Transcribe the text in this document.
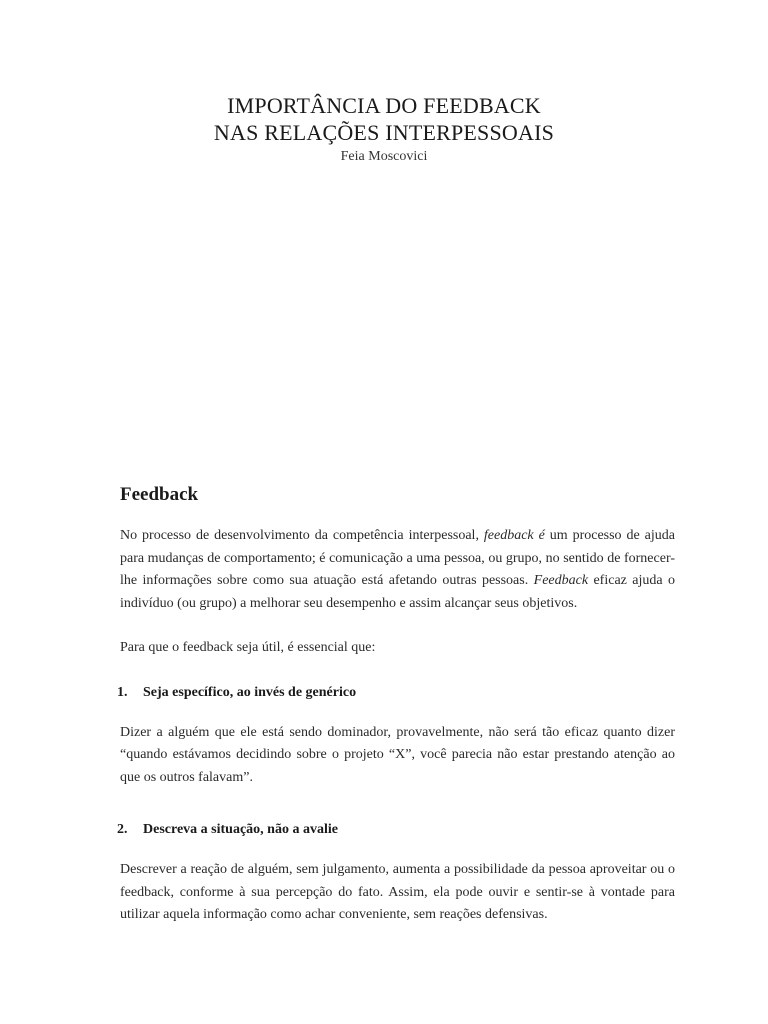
IMPORTÂNCIA DO FEEDBACK
NAS RELAÇÕES INTERPESSOAIS
Feia Moscovici
Feedback

No processo de desenvolvimento da competência interpessoal, feedback é um processo de ajuda para mudanças de comportamento; é comunicação a uma pessoa, ou grupo, no sentido de fornecer-lhe informações sobre como sua atuação está afetando outras pessoas. Feedback eficaz ajuda o indivíduo (ou grupo) a melhorar seu desempenho e assim alcançar seus objetivos.

Para que o feedback seja útil, é essencial que:

1. Seja específico, ao invés de genérico

Dizer a alguém que ele está sendo dominador, provavelmente, não será tão eficaz quanto dizer “quando estávamos decidindo sobre o projeto “X”, você parecia não estar prestando atenção ao que os outros falavam”.

2. Descreva a situação, não a avalie

Descrever a reação de alguém, sem julgamento, aumenta a possibilidade da pessoa aproveitar ou o feedback, conforme à sua percepção do fato. Assim, ela pode ouvir e sentir-se à vontade para utilizar aquela informação como achar conveniente, sem reações defensivas.
